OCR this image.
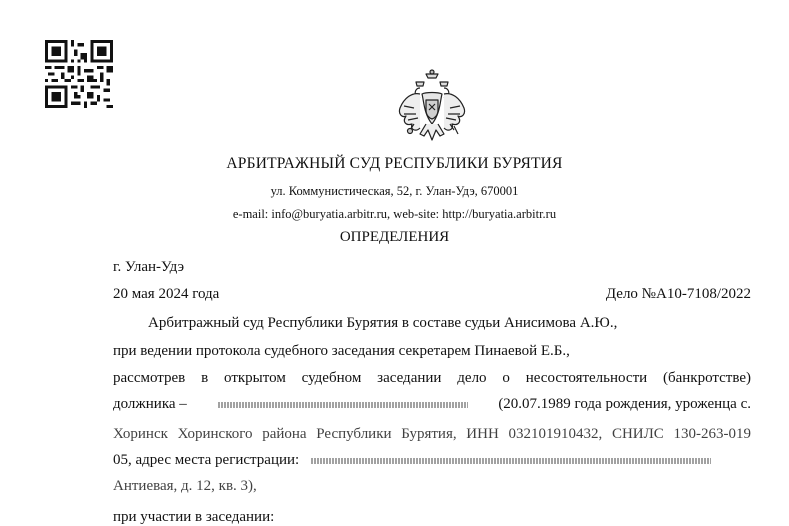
АРБИТРАЖНЫЙ СУД РЕСПУБЛИКИ БУРЯТИЯ
ул. Коммунистическая, 52, г. Улан-Удэ, 670001
e-mail: info@buryatia.arbitr.ru, web-site: http://buryatia.arbitr.ru
ОПРЕДЕЛЕНИЯ
г. Улан-Удэ
20 мая 2024 года	Дело №А10-7108/2022
Арбитражный суд Республики Бурятия в составе судьи Анисимова А.Ю.,
при ведении протокола судебного заседания секретарем Пинаевой Е.Б.,
рассмотрев в открытом судебном заседании дело о несостоятельности (банкротстве)
должника –	(20.07.1989 года рождения, уроженца с.
Хоринск Хоринского района Республики Бурятия, ИНН 032101910432, СНИЛС 130-263-019
05, адрес места регистрации:
Антиевая, д. 12, кв. 3),
при участии в заседании:
